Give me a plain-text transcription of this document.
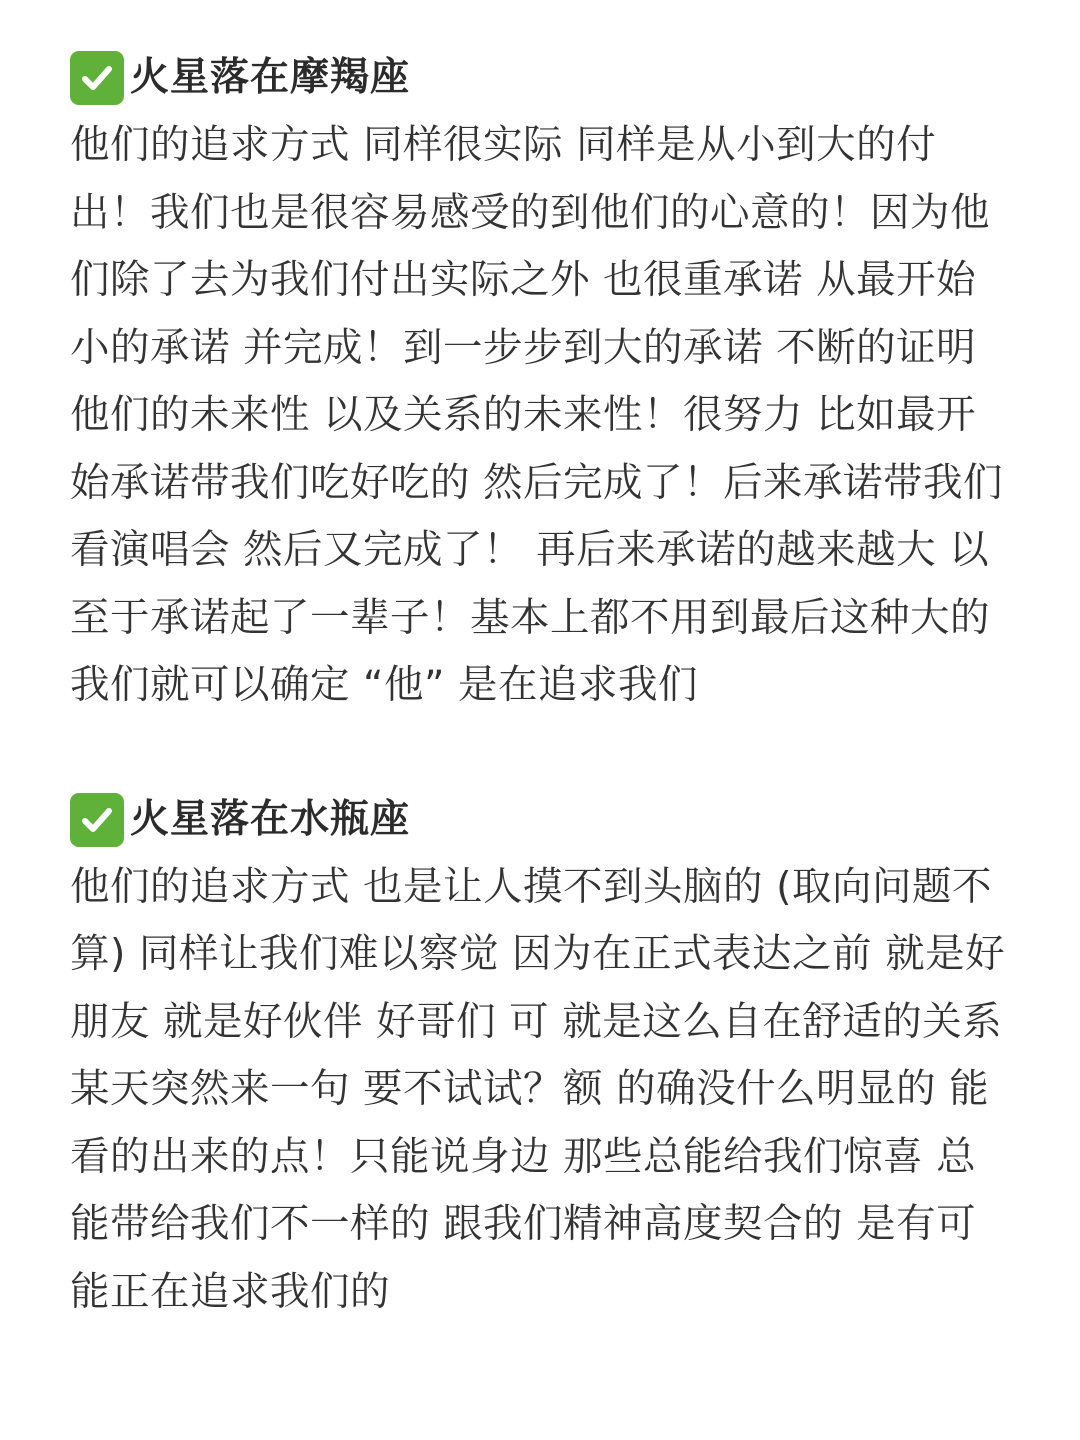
火星落在摩羯座

他们的追求方式 同样很实际 同样是从小到大的付出！我们也是很容易感受的到他们的心意的！因为他们除了去为我们付出实际之外 也很重承诺 从最开始小的承诺 并完成！到一步步到大的承诺 不断的证明他们的未来性 以及关系的未来性！很努力 比如最开始承诺带我们吃好吃的 然后完成了！后来承诺带我们看演唱会 然后又完成了！ 再后来承诺的越来越大 以至于承诺起了一辈子！基本上都不用到最后这种大的 我们就可以确定 “他” 是在追求我们

火星落在水瓶座

他们的追求方式 也是让人摸不到头脑的 (取向问题不算) 同样让我们难以察觉 因为在正式表达之前 就是好朋友 就是好伙伴 好哥们 可 就是这么自在舒适的关系 某天突然来一句 要不试试？额 的确没什么明显的 能看的出来的点！只能说身边 那些总能给我们惊喜 总能带给我们不一样的 跟我们精神高度契合的 是有可能正在追求我们的
